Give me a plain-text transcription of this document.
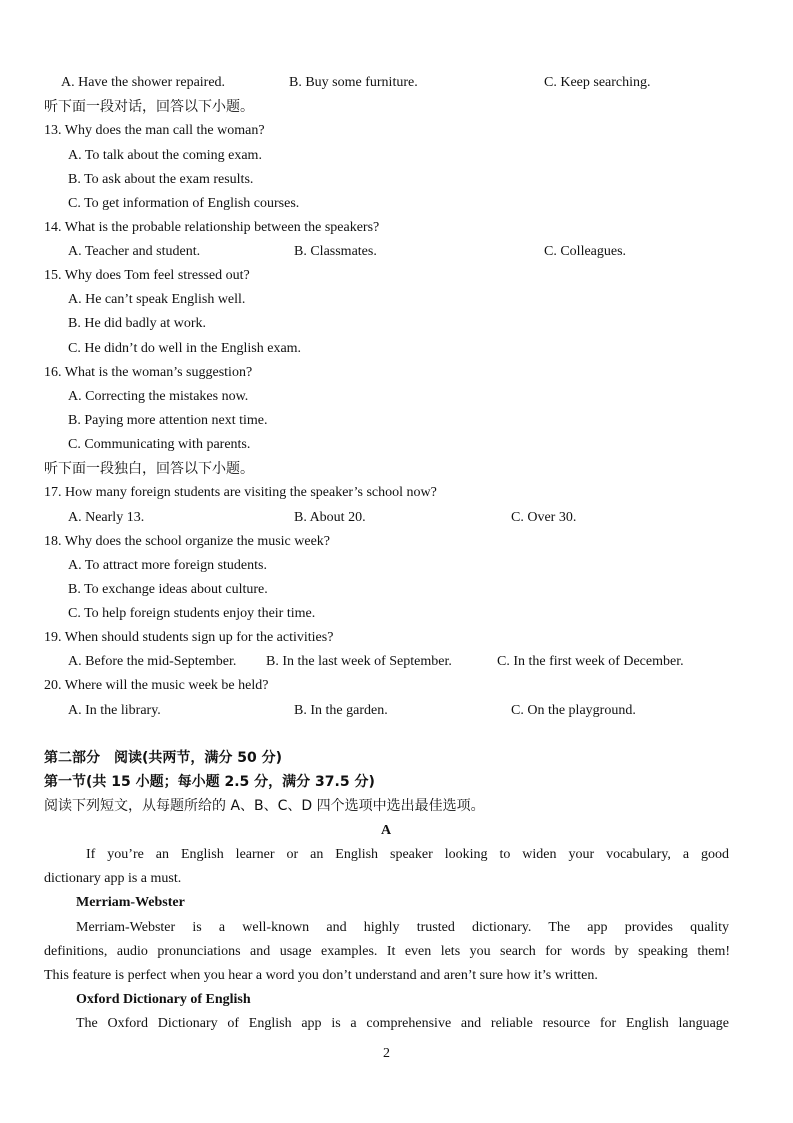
A. Have the shower repaired.	B. Buy some furniture.	C. Keep searching.
听下面一段对话，回答以下小题。
13. Why does the man call the woman?
A. To talk about the coming exam.
B. To ask about the exam results.
C. To get information of English courses.
14. What is the probable relationship between the speakers?
A. Teacher and student.	B. Classmates.	C. Colleagues.
15. Why does Tom feel stressed out?
A. He can’t speak English well.
B. He did badly at work.
C. He didn’t do well in the English exam.
16. What is the woman’s suggestion?
A. Correcting the mistakes now.
B. Paying more attention next time.
C. Communicating with parents.
听下面一段独白，回答以下小题。
17. How many foreign students are visiting the speaker’s school now?
A. Nearly 13.	B. About 20.	C. Over 30.
18. Why does the school organize the music week?
A. To attract more foreign students.
B. To exchange ideas about culture.
C. To help foreign students enjoy their time.
19. When should students sign up for the activities?
A. Before the mid-September. B. In the last week of September.	C. In the first week of December.
20. Where will the music week be held?
A. In the library.	B. In the garden.	C. On the playground.
第二部分　阅读(共两节，满分 50 分)
第一节(共 15 小题；每小题 2.5 分，满分 37.5 分)
阅读下列短文，从每题所给的 A、B、C、D 四个选项中选出最佳选项。
A
If you’re an English learner or an English speaker looking to widen your vocabulary, a good
dictionary app is a must.
Merriam-Webster
Merriam-Webster is a well-known and highly trusted dictionary. The app provides quality
definitions, audio pronunciations and usage examples. It even lets you search for words by speaking them!
This feature is perfect when you hear a word you don’t understand and aren’t sure how it’s written.
Oxford Dictionary of English
The Oxford Dictionary of English app is a comprehensive and reliable resource for English language
2
